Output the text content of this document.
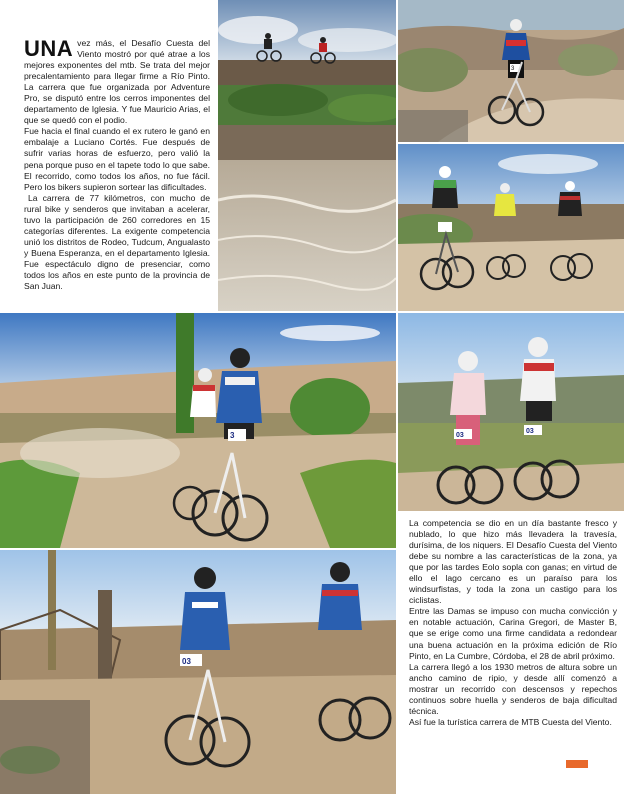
UNA vez más, el Desafío Cuesta del Viento mostró por qué atrae a los mejores exponentes del mtb. Se trata del mejor precalentamiento para llegar firme a Río Pinto. La carrera que fue organizada por Adventure Pro, se disputó entre los cerros imponentes del departamento de Iglesia. Y fue Mauricio Arias, el que se quedó con el podio.

Fue hacia el final cuando el ex rutero le ganó en embalaje a Luciano Cortés. Fue después de sufrir varias horas de esfuerzo, pero valió la pena porque puso en el tapete todo lo que sabe. El recorrido, como todos los años, no fue fácil. Pero los bikers supieron sortear las dificultades.

La carrera de 77 kilómetros, con mucho de rural bike y senderos que invitaban a acelerar, tuvo la participación de 260 corredores en 15 categorías diferentes. La exigente competencia unió los distritos de Rodeo, Tudcum, Angualasto y Buena Esperanza, en el departamento Iglesia. Fue espectáculo digno de presenciar, como todos los años en este punto de la provincia de San Juan.

3
3	03
03
03

La competencia se dio en un día bastante fresco y nublado, lo que hizo más llevadera la travesía, durísima, de los niquers. El Desafío Cuesta del Viento debe su nombre a las características de la zona, ya que por las tardes Eolo sopla con ganas; en virtud de ello el lago cercano es un paraíso para los windsurfistas, y toda la zona un castigo para los ciclistas.

Entre las Damas se impuso con mucha convicción y en notable actuación, Carina Gregori, de Master B, que se erige como una firme candidata a redondear una buena actuación en la próxima edición de Río Pinto, en La Cumbre, Córdoba, el 28 de abril próximo.

La carrera llegó a los 1930 metros de altura sobre un ancho camino de ripio, y desde allí comenzó a mostrar un recorrido con descensos y repechos continuos sobre huella y senderos de baja dificultad técnica.

Así fue la turística carrera de MTB Cuesta del Viento.
